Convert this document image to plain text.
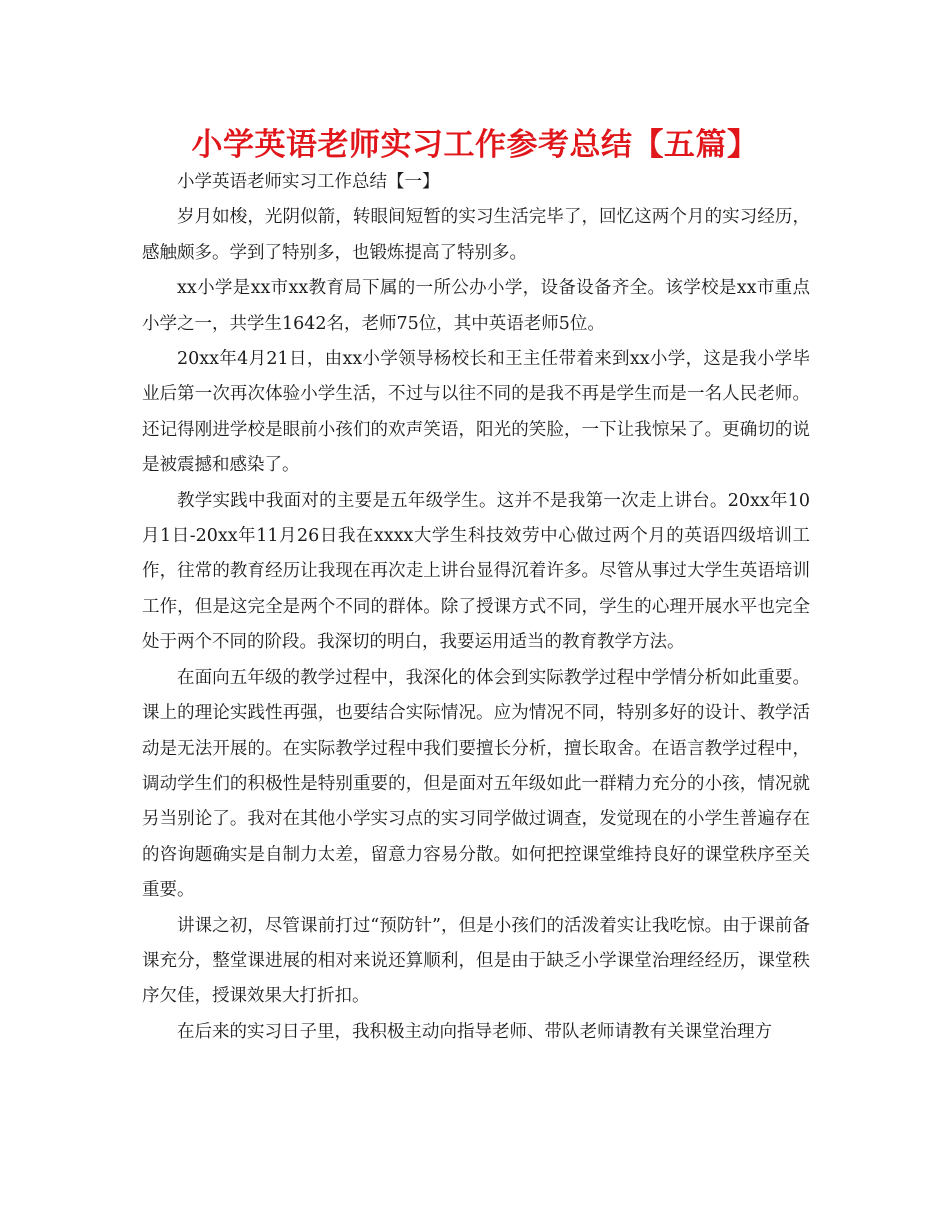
小学英语老师实习工作参考总结【五篇】

小学英语老师实习工作总结【一】

岁月如梭，光阴似箭，转眼间短暂的实习生活完毕了，回忆这两个月的实习经历，感触颇多。学到了特别多，也锻炼提高了特别多。

xx小学是xx市xx教育局下属的一所公办小学，设备设备齐全。该学校是xx市重点小学之一，共学生1642名，老师75位，其中英语老师5位。

20xx年4月21日，由xx小学领导杨校长和王主任带着来到xx小学，这是我小学毕业后第一次再次体验小学生活，不过与以往不同的是我不再是学生而是一名人民老师。还记得刚进学校是眼前小孩们的欢声笑语，阳光的笑脸，一下让我惊呆了。更确切的说是被震撼和感染了。

教学实践中我面对的主要是五年级学生。这并不是我第一次走上讲台。20xx年10月1日-20xx年11月26日我在xxxx大学生科技效劳中心做过两个月的英语四级培训工作，往常的教育经历让我现在再次走上讲台显得沉着许多。尽管从事过大学生英语培训工作，但是这完全是两个不同的群体。除了授课方式不同，学生的心理开展水平也完全处于两个不同的阶段。我深切的明白，我要运用适当的教育教学方法。

在面向五年级的教学过程中，我深化的体会到实际教学过程中学情分析如此重要。课上的理论实践性再强，也要结合实际情况。应为情况不同，特别多好的设计、教学活动是无法开展的。在实际教学过程中我们要擅长分析，擅长取舍。在语言教学过程中，调动学生们的积极性是特别重要的，但是面对五年级如此一群精力充分的小孩，情况就另当别论了。我对在其他小学实习点的实习同学做过调查，发觉现在的小学生普遍存在的咨询题确实是自制力太差，留意力容易分散。如何把控课堂维持良好的课堂秩序至关重要。

讲课之初，尽管课前打过“预防针”，但是小孩们的活泼着实让我吃惊。由于课前备课充分，整堂课进展的相对来说还算顺利，但是由于缺乏小学课堂治理经经历，课堂秩序欠佳，授课效果大打折扣。

在后来的实习日子里，我积极主动向指导老师、带队老师请教有关课堂治理方
